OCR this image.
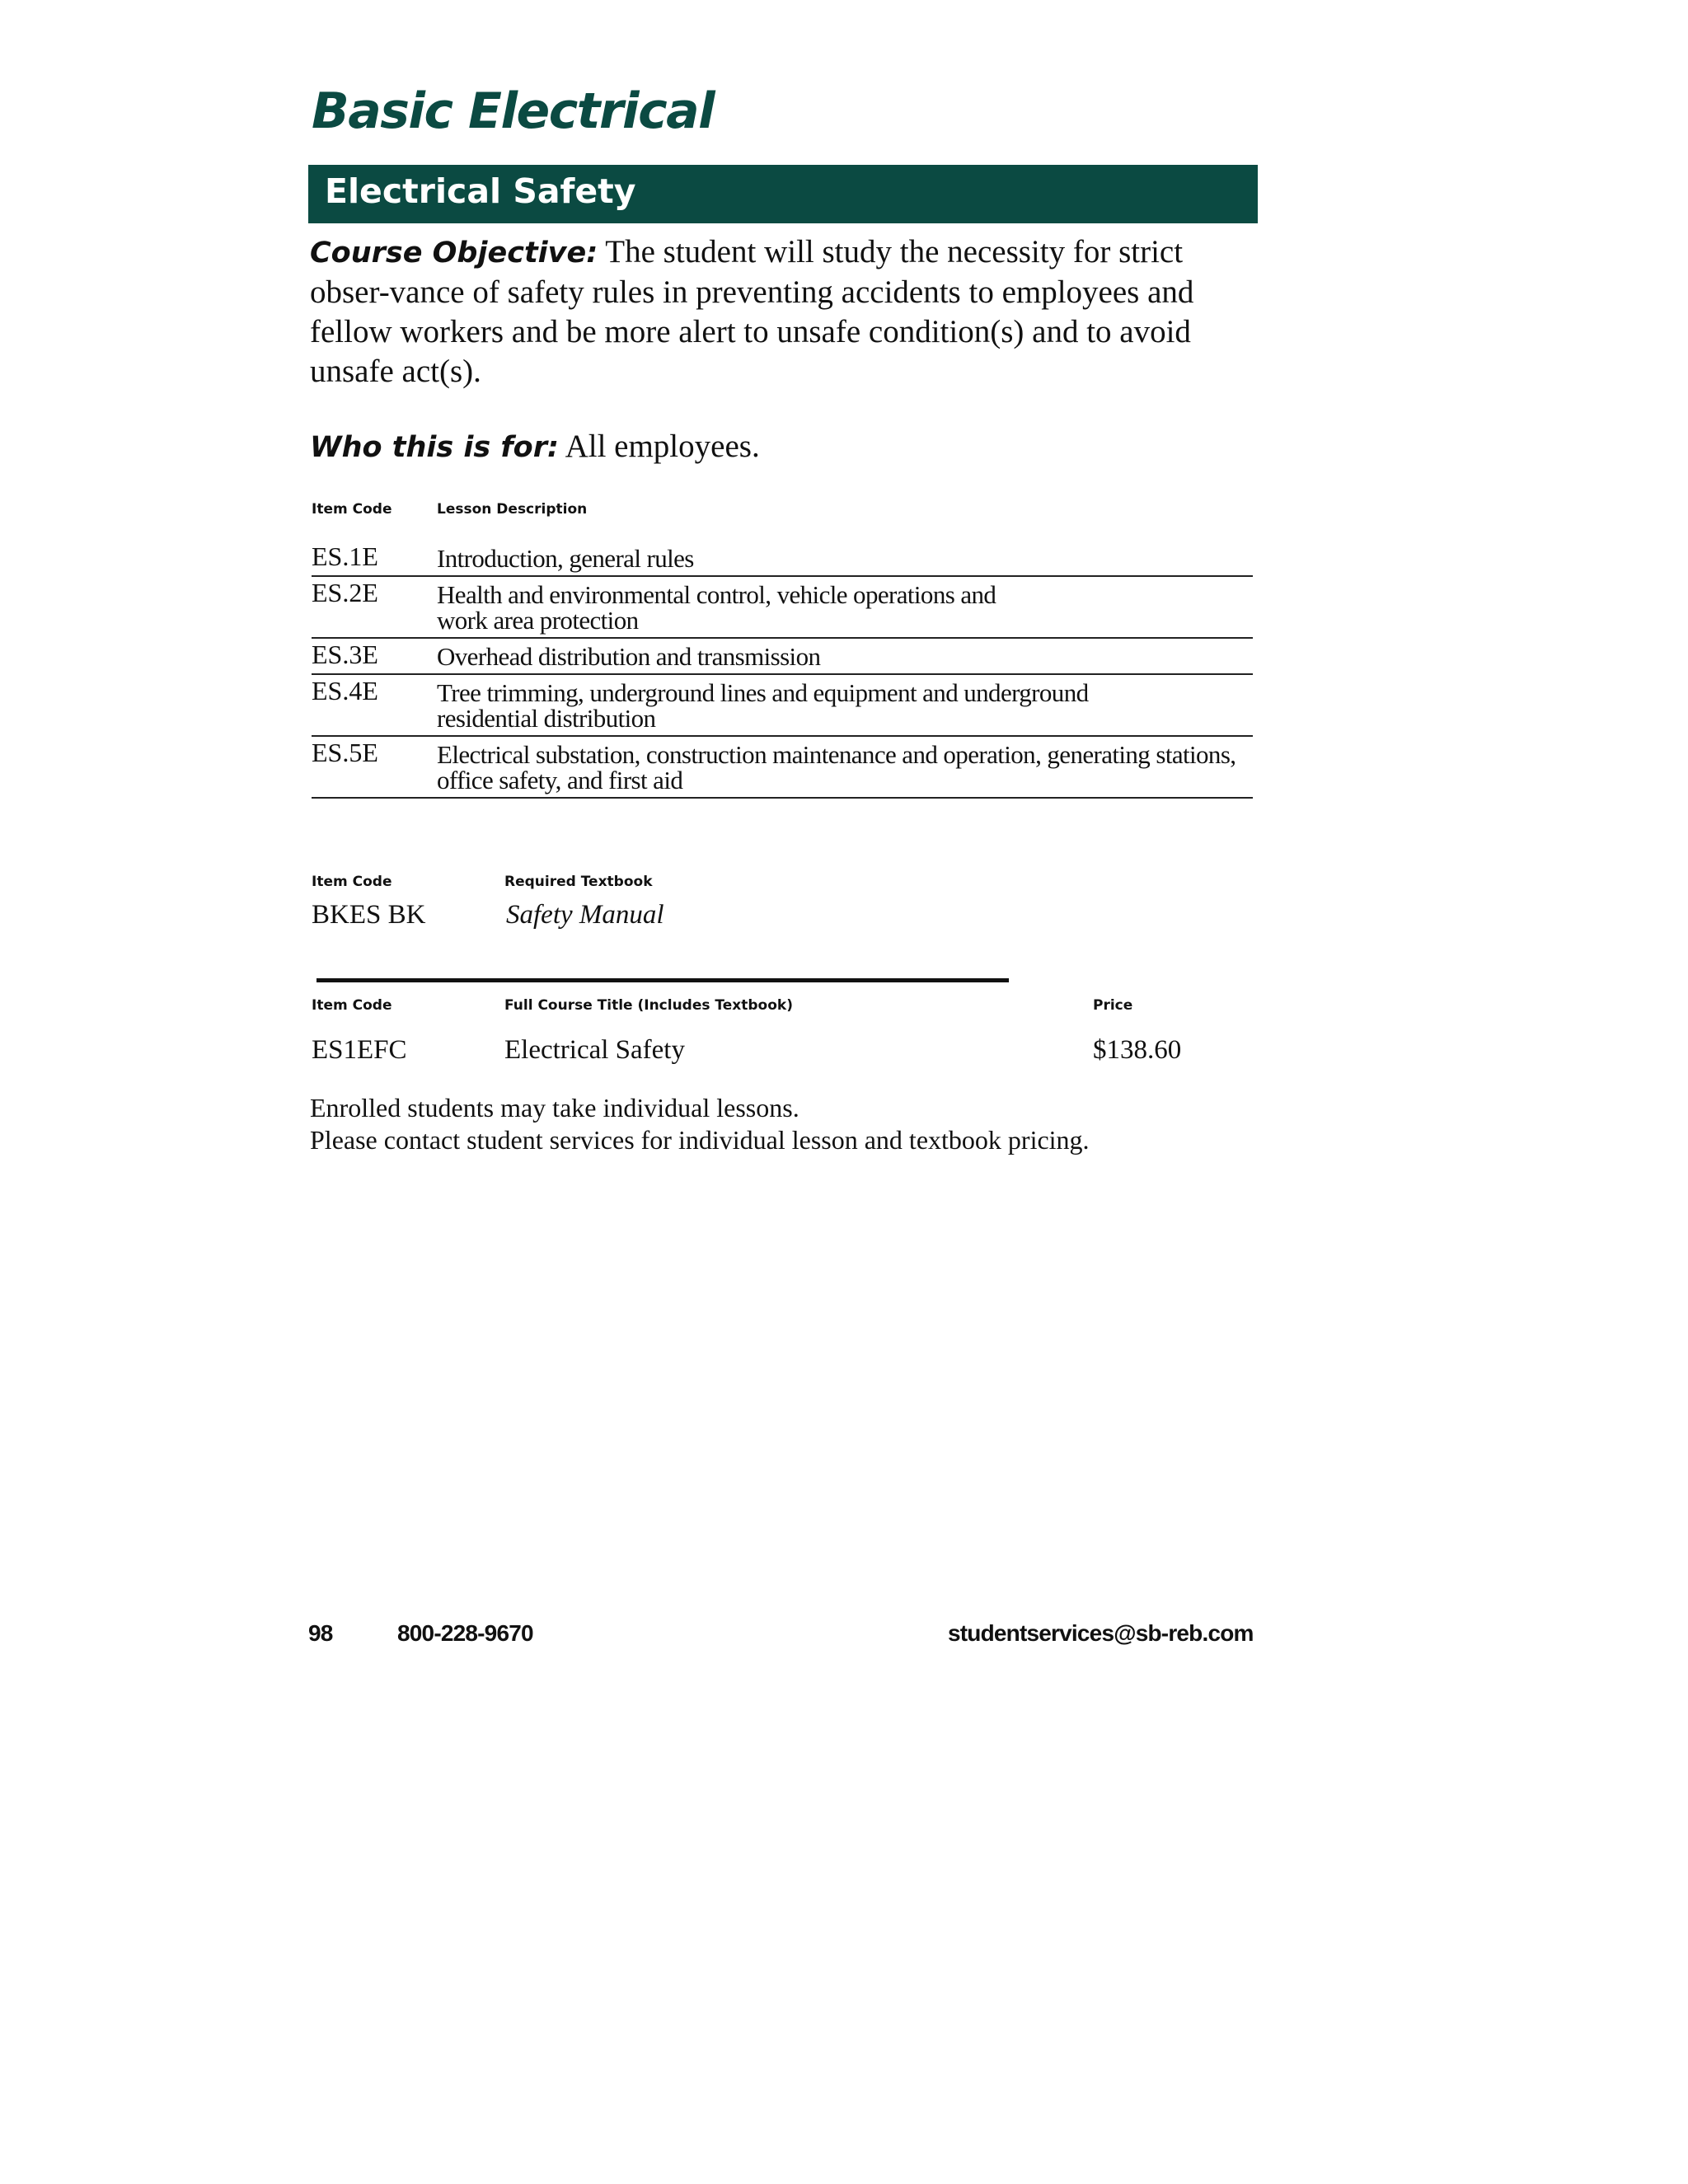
Basic Electrical
Electrical Safety

Course Objective: The student will study the necessity for strict obser-vance of safety rules in preventing accidents to employees and fellow workers and be more alert to unsafe condition(s) and to avoid unsafe act(s).

Who this is for: All employees.

Item Code	Lesson Description
ES.1E Introduction, general rules
ES.2E Health and environmental control, vehicle operations and work area protection
ES.3E Overhead distribution and transmission
ES.4E Tree trimming, underground lines and equipment and underground residential distribution
ES.5E Electrical substation, construction maintenance and operation, generating stations, office safety, and first aid
Item Code	Required Textbook
BKES BK	Safety Manual
Item Code	Full Course Title (Includes Textbook)	Price
ES1EFC	Electrical Safety	$138.60
Enrolled students may take individual lessons.
Please contact student services for individual lesson and textbook pricing.
98	800-228-9670	studentservices@sb-reb.com
